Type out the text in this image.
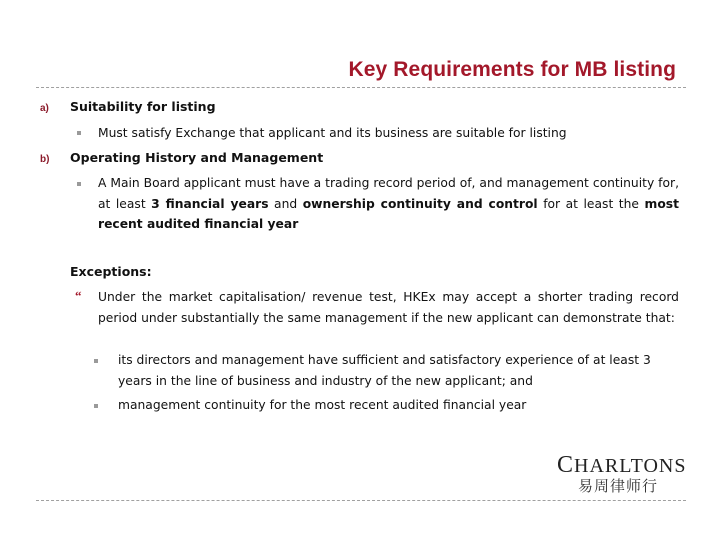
Key Requirements for MB listing
a) Suitability for listing
Must satisfy Exchange that applicant and its business are suitable for listing
b) Operating History and Management
A Main Board applicant must have a trading record period of, and management continuity for, at least 3 financial years and ownership continuity and control for at least the most recent audited financial year
Exceptions:
“ Under the market capitalisation/ revenue test, HKEx may accept a shorter trading record period under substantially the same management if the new applicant can demonstrate that:
its directors and management have sufficient and satisfactory experience of at least 3 years in the line of business and industry of the new applicant; and
management continuity for the most recent audited financial year
CHARLTONS
易周律师行
